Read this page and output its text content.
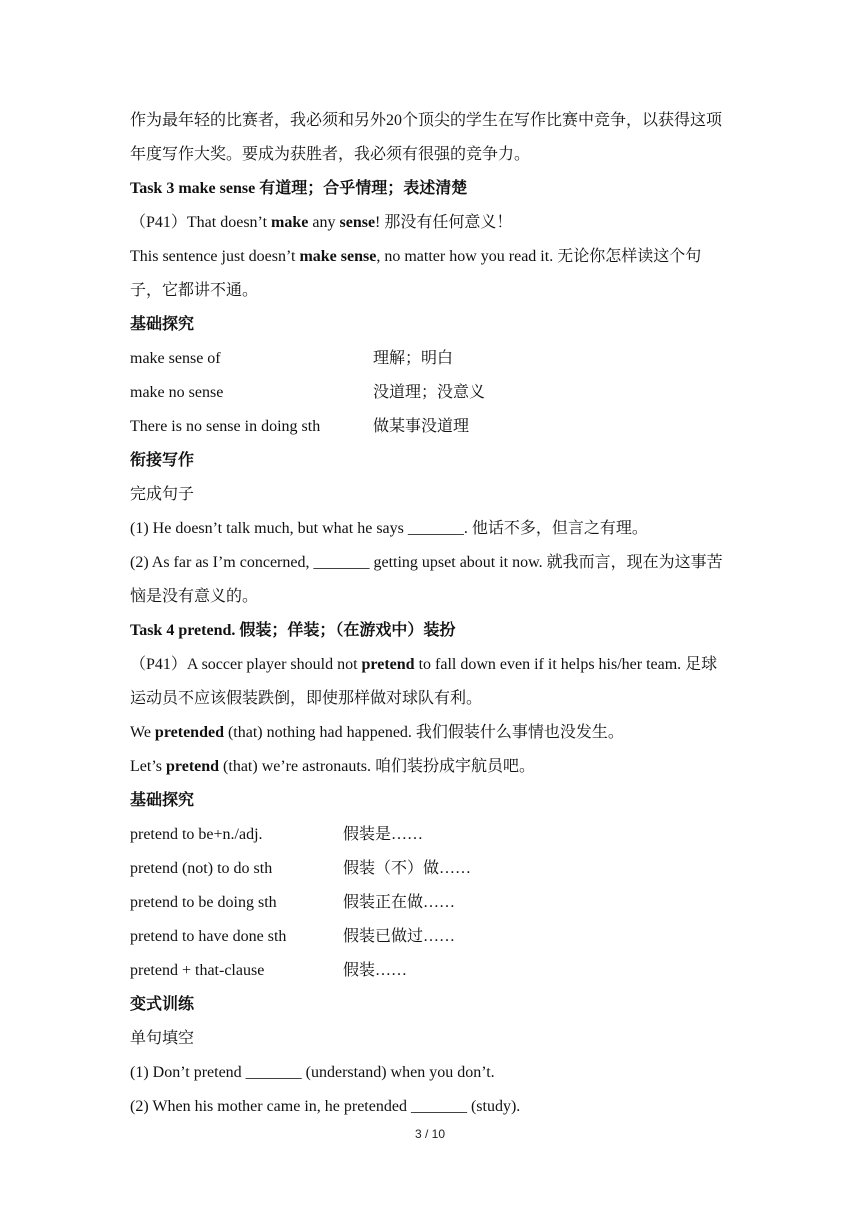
作为最年轻的比赛者，我必须和另外20个顶尖的学生在写作比赛中竞争，以获得这项年度写作大奖。要成为获胜者，我必须有很强的竞争力。
Task 3 make sense 有道理；合乎情理；表述清楚
（P41）That doesn’t make any sense! 那没有任何意义！
This sentence just doesn’t make sense, no matter how you read it. 无论你怎样读这个句子，它都讲不通。
基础探究
make sense of	理解；明白
make no sense	没道理；没意义
There is no sense in doing sth	做某事没道理
衔接写作
完成句子
(1) He doesn’t talk much, but what he says _______. 他话不多，但言之有理。
(2) As far as I’m concerned, _______ getting upset about it now. 就我而言，现在为这事苦恼是没有意义的。
Task 4 pretend. 假装；佯装；（在游戏中）装扮
（P41）A soccer player should not pretend to fall down even if it helps his/her team. 足球运动员不应该假装跌倒，即使那样做对球队有利。
We pretended (that) nothing had happened. 我们假装什么事情也没发生。
Let’s pretend (that) we’re astronauts. 咱们装扮成宇航员吧。
基础探究
pretend to be+n./adj.	假装是……
pretend (not) to do sth	假装（不）做……
pretend to be doing sth	假装正在做……
pretend to have done sth	假装已做过……
pretend + that-clause	假装……
变式训练
单句填空
(1) Don’t pretend _______ (understand) when you don’t.
(2) When his mother came in, he pretended _______ (study).
3 / 10
